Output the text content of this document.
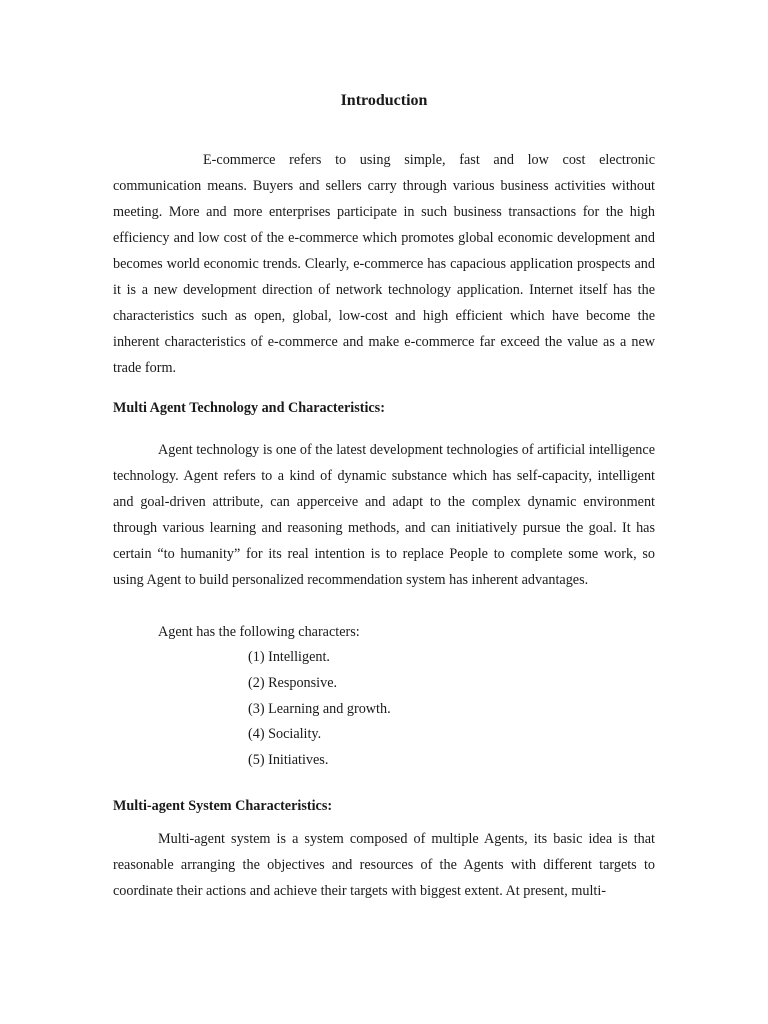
Introduction

E-commerce refers to using simple, fast and low cost electronic communication means. Buyers and sellers carry through various business activities without meeting. More and more enterprises participate in such business transactions for the high efficiency and low cost of the e-commerce which promotes global economic development and becomes world economic trends. Clearly, e-commerce has capacious application prospects and it is a new development direction of network technology application. Internet itself has the characteristics such as open, global, low-cost and high efficient which have become the inherent characteristics of e-commerce and make e-commerce far exceed the value as a new trade form.

Multi Agent Technology and Characteristics:

Agent technology is one of the latest development technologies of artificial intelligence technology. Agent refers to a kind of dynamic substance which has self-capacity, intelligent and goal-driven attribute, can apperceive and adapt to the complex dynamic environment through various learning and reasoning methods, and can initiatively pursue the goal. It has certain “to humanity” for its real intention is to replace People to complete some work, so using Agent to build personalized recommendation system has inherent advantages.

Agent has the following characters:

(1) Intelligent.
(2) Responsive.
(3) Learning and growth.
(4) Sociality.
(5) Initiatives.
Multi-agent System Characteristics:

Multi-agent system is a system composed of multiple Agents, its basic idea is that reasonable arranging the objectives and resources of the Agents with different targets to coordinate their actions and achieve their targets with biggest extent. At present, multi-
